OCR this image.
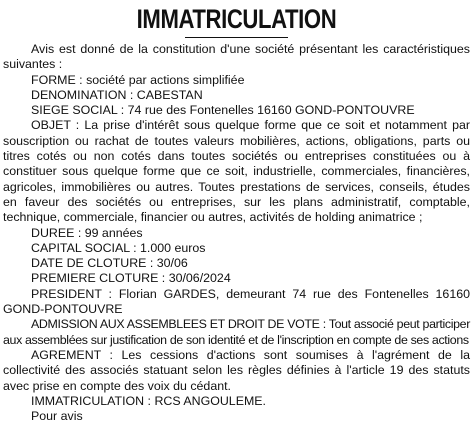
IMMATRICULATION

Avis est donné de la constitution d'une société présentant les caractéristiques suivantes :

FORME : société par actions simplifiée

DENOMINATION : CABESTAN

SIEGE SOCIAL : 74 rue des Fontenelles 16160 GOND-PONTOUVRE

OBJET : La prise d'intérêt sous quelque forme que ce soit et notamment par souscription ou rachat de toutes valeurs mobilières, actions, obligations, parts ou titres cotés ou non cotés dans toutes sociétés ou entreprises constituées ou à constituer sous quelque forme que ce soit, industrielle, commerciales, financières, agricoles, immobilières ou autres. Toutes prestations de services, conseils, études en faveur des sociétés ou entreprises, sur les plans administratif, comptable, technique, commerciale, financier ou autres, activités de holding animatrice ;

DUREE : 99 années

CAPITAL SOCIAL : 1.000 euros

DATE DE CLOTURE : 30/06

PREMIERE CLOTURE : 30/06/2024

PRESIDENT : Florian GARDES, demeurant 74 rue des Fontenelles 16160 GOND-PONTOUVRE

ADMISSION AUX ASSEMBLEES ET DROIT DE VOTE : Tout associé peut participer aux assemblées sur justification de son identité et de l'inscription en compte de ses actions

AGREMENT : Les cessions d'actions sont soumises à l'agrément de la collectivité des associés statuant selon les règles définies à l'article 19 des statuts avec prise en compte des voix du cédant.

IMMATRICULATION : RCS ANGOULEME.

Pour avis
